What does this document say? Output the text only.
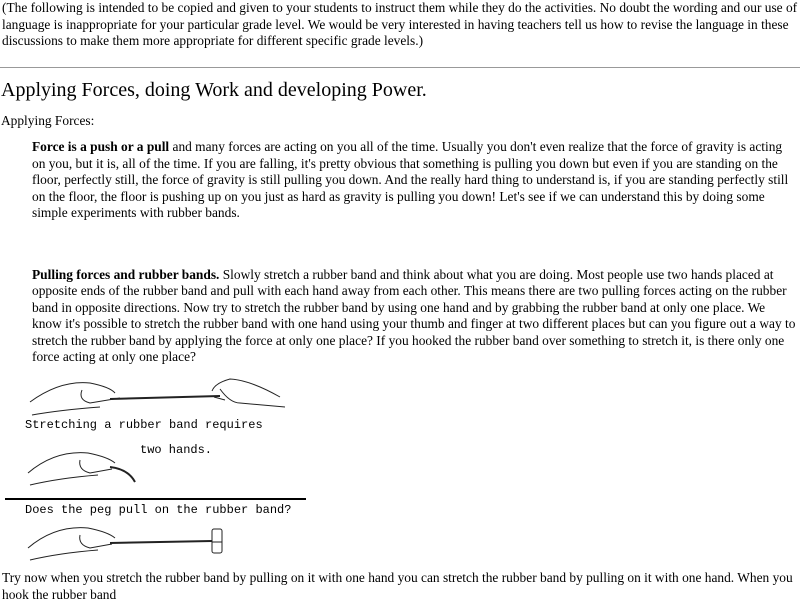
(The following is intended to be copied and given to your students to instruct them while they do the activities. No doubt the wording and our use of language is inappropriate for your particular grade level. We would be very interested in having teachers tell us how to revise the language in these discussions to make them more appropriate for different specific grade levels.)

Applying Forces, doing Work and developing Power.
Applying Forces:

Force is a push or a pull and many forces are acting on you all of the time. Usually you don't even realize that the force of gravity is acting on you, but it is, all of the time. If you are falling, it's pretty obvious that something is pulling you down but even if you are standing on the floor, perfectly still, the force of gravity is still pulling you down. And the really hard thing to understand is, if you are standing perfectly still on the floor, the floor is pushing up on you just as hard as gravity is pulling you down! Let's see if we can understand this by doing some simple experiments with rubber bands.

Pulling forces and rubber bands. Slowly stretch a rubber band and think about what you are doing. Most people use two hands placed at opposite ends of the rubber band and pull with each hand away from each other. This means there are two pulling forces acting on the rubber band in opposite directions. Now try to stretch the rubber band by using one hand and by grabbing the rubber band at only one place. We know it's possible to stretch the rubber band with one hand using your thumb and finger at two different places but can you figure out a way to stretch the rubber band by applying the force at only one place? If you hooked the rubber band over something to stretch it, is there only one force acting at only one place?

Stretching a rubber band requires
two hands.
Does the peg pull on the rubber band?
Try now when you stretch the rubber band by pulling on it with one hand you can stretch the rubber band by pulling on it with one hand. When you hook the rubber band
